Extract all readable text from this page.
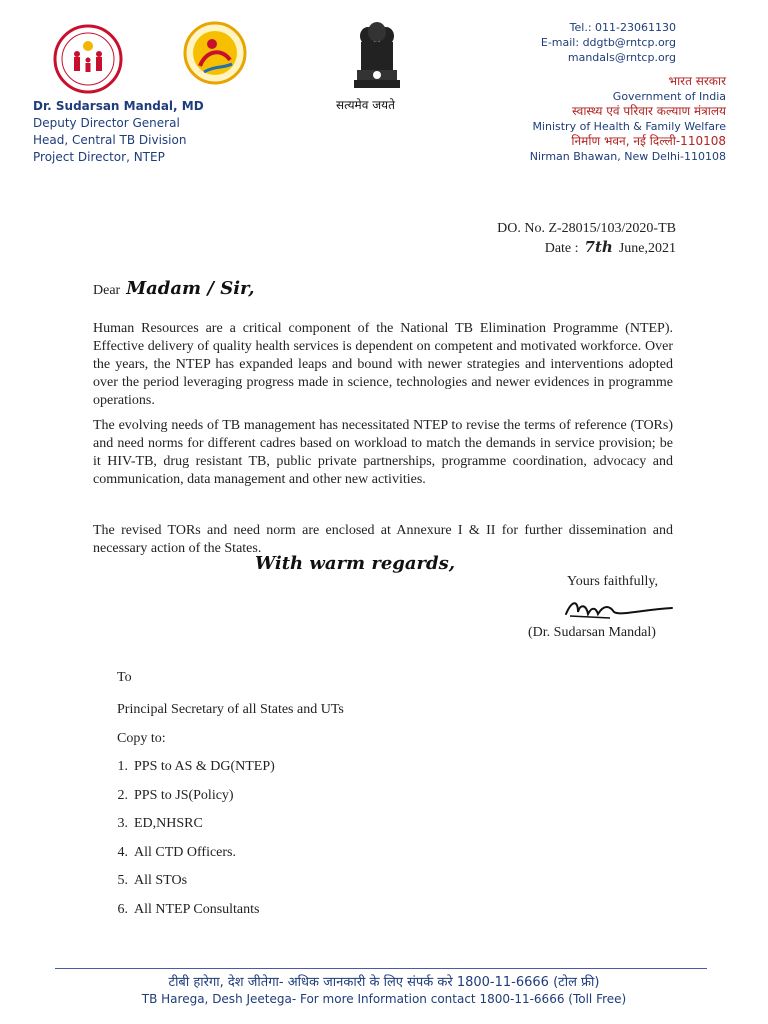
Dr. Sudarsan Mandal, MD
Deputy Director General
Head, Central TB Division
Project Director, NTEP
सत्यमेव जयते
Tel.: 011-23061130
E-mail: ddgtb@rntcp.org
mandals@rntcp.org
भारत सरकार
Government of India
स्वास्थ्य एवं परिवार कल्याण मंत्रालय
Ministry of Health & Family Welfare
निर्माण भवन, नई दिल्ली-110108
Nirman Bhawan, New Delhi-110108
DO. No. Z-28015/103/2020-TB
Date : 7th June,2021
Dear Madam / Sir,
Human Resources are a critical component of the National TB Elimination Programme (NTEP). Effective delivery of quality health services is dependent on competent and motivated workforce. Over the years, the NTEP has expanded leaps and bound with newer strategies and interventions adopted over the period leveraging progress made in science, technologies and newer evidences in programme operations.
The evolving needs of TB management has necessitated NTEP to revise the terms of reference (TORs) and need norms for different cadres based on workload to match the demands in service provision; be it HIV-TB, drug resistant TB, public private partnerships, programme coordination, advocacy and communication, data management and other new activities.
The revised TORs and need norm are enclosed at Annexure I & II for further dissemination and necessary action of the States.
With warm regards,
Yours faithfully,
(Dr. Sudarsan Mandal)
To
Principal Secretary of all States and UTs
Copy to:
1. PPS to AS & DG(NTEP)
2. PPS to JS(Policy)
3. ED,NHSRC
4. All CTD Officers.
5. All STOs
6. All NTEP Consultants
टीबी हारेगा, देश जीतेगा- अधिक जानकारी के लिए संपर्क करे 1800-11-6666 (टोल फ्री)
TB Harega, Desh Jeetega- For more Information contact 1800-11-6666 (Toll Free)
